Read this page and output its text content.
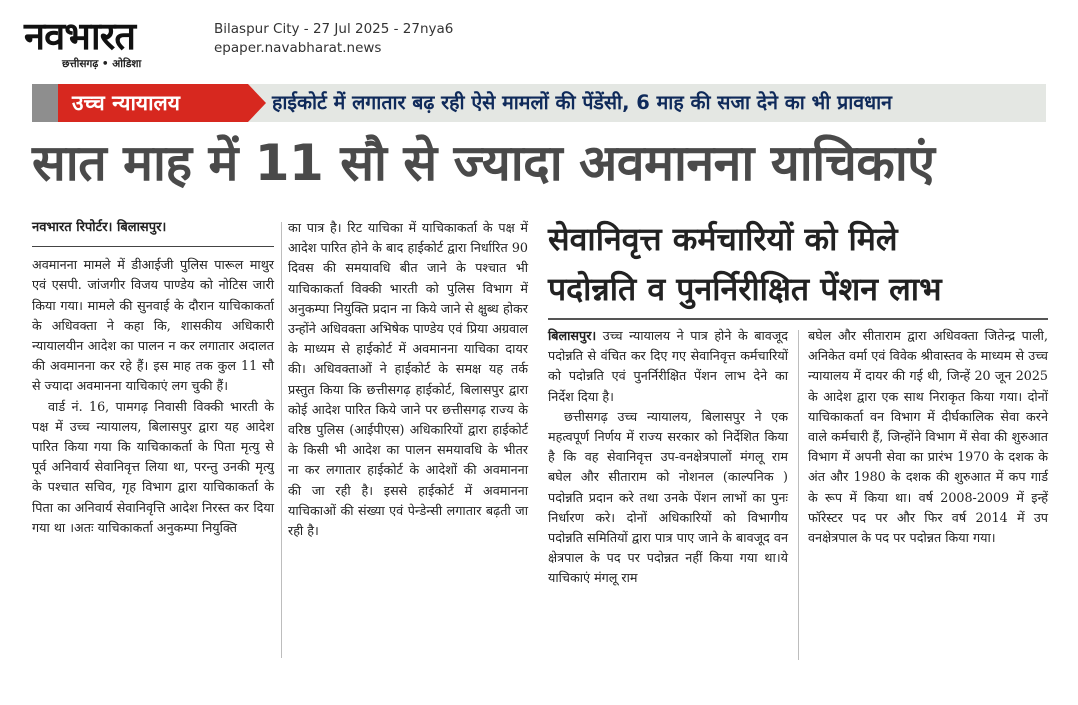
नवभारत
छत्तीसगढ़ • ओडिशा
Bilaspur City - 27 Jul 2025 - 27nya6
epaper.navabharat.news
उच्च न्यायालय	हाईकोर्ट में लगातार बढ़ रही ऐसे मामलों की पेंडेंसी, 6 माह की सजा देने का भी प्रावधान
सात माह में 11 सौ से ज्यादा अवमानना याचिकाएं
नवभारत रिपोर्टर। बिलासपुर।

अवमानना मामले में डीआईजी पुलिस पारूल माथुर एवं एसपी. जांजगीर विजय पाण्डेय को नोटिस जारी किया गया। मामले की सुनवाई के दौरान याचिकाकर्ता के अधिवक्ता ने कहा कि, शासकीय अधिकारी न्यायालयीन आदेश का पालन न कर लगातार अदालत की अवमानना कर रहे हैं। इस माह तक कुल 11 सौ से ज्यादा अवमानना याचिकाएं लग चुकी हैं।

वार्ड नं. 16, पामगढ़ निवासी विक्की भारती के पक्ष में उच्च न्यायालय, बिलासपुर द्वारा यह आदेश पारित किया गया कि याचिकाकर्ता के पिता मृत्यु से पूर्व अनिवार्य सेवानिवृत्त लिया था, परन्तु उनकी मृत्यु के पश्चात सचिव, गृह विभाग द्वारा याचिकाकर्ता के पिता का अनिवार्य सेवानिवृत्ति आदेश निरस्त कर दिया गया था ।अतः याचिकाकर्ता अनुकम्पा नियुक्ति

का पात्र है। रिट याचिका में याचिकाकर्ता के पक्ष में आदेश पारित होने के बाद हाईकोर्ट द्वारा निर्धारित 90 दिवस की समयावधि बीत जाने के पश्चात भी याचिकाकर्ता विक्की भारती को पुलिस विभाग में अनुकम्पा नियुक्ति प्रदान ना किये जाने से क्षुब्ध होकर उन्होंने अधिवक्ता अभिषेक पाण्डेय एवं प्रिया अग्रवाल के माध्यम से हाईकोर्ट में अवमानना याचिका दायर की। अधिवक्ताओं ने हाईकोर्ट के समक्ष यह तर्क प्रस्तुत किया कि छत्तीसगढ़ हाईकोर्ट, बिलासपुर द्वारा कोई आदेश पारित किये जाने पर छत्तीसगढ़ राज्य के वरिष्ठ पुलिस (आईपीएस) अधिकारियों द्वारा हाईकोर्ट के किसी भी आदेश का पालन समयावधि के भीतर ना कर लगातार हाईकोर्ट के आदेशों की अवमानना की जा रही है। इससे हाईकोर्ट में अवमानना याचिकाओं की संख्या एवं पेन्डेन्सी लगातार बढ़ती जा रही है।

सेवानिवृत्त कर्मचारियों को मिले
पदोन्नति व पुनर्निरीक्षित पेंशन लाभ

बिलासपुर। उच्च न्यायालय ने पात्र होने के बावजूद पदोन्नति से वंचित कर दिए गए सेवानिवृत्त कर्मचारियों को पदोन्नति एवं पुनर्निरीक्षित पेंशन लाभ देने का निर्देश दिया है।

छत्तीसगढ़ उच्च न्यायालय, बिलासपुर ने एक महत्वपूर्ण निर्णय में राज्य सरकार को निर्देशित किया है कि वह सेवानिवृत्त उप-वनक्षेत्रपालों मंगलू राम बघेल और सीताराम को नोशनल (काल्पनिक ) पदोन्नति प्रदान करे तथा उनके पेंशन लाभों का पुनः निर्धारण करे। दोनों अधिकारियों को विभागीय पदोन्नति समितियों द्वारा पात्र पाए जाने के बावजूद वन क्षेत्रपाल के पद पर पदोन्नत नहीं किया गया था।ये याचिकाएं मंगलू राम

बघेल और सीताराम द्वारा अधिवक्ता जितेन्द्र पाली, अनिकेत वर्मा एवं विवेक श्रीवास्तव के माध्यम से उच्च न्यायालय में दायर की गई थी, जिन्हें 20 जून 2025 के आदेश द्वारा एक साथ निराकृत किया गया। दोनों याचिकाकर्ता वन विभाग में दीर्घकालिक सेवा करने वाले कर्मचारी हैं, जिन्होंने विभाग में सेवा की शुरुआत विभाग में अपनी सेवा का प्रारंभ 1970 के दशक के अंत और 1980 के दशक की शुरुआत में कप गार्ड के रूप में किया था। वर्ष 2008-2009 में इन्हें फॉरेस्टर पद पर और फिर वर्ष 2014 में उप वनक्षेत्रपाल के पद पर पदोन्नत किया गया।
